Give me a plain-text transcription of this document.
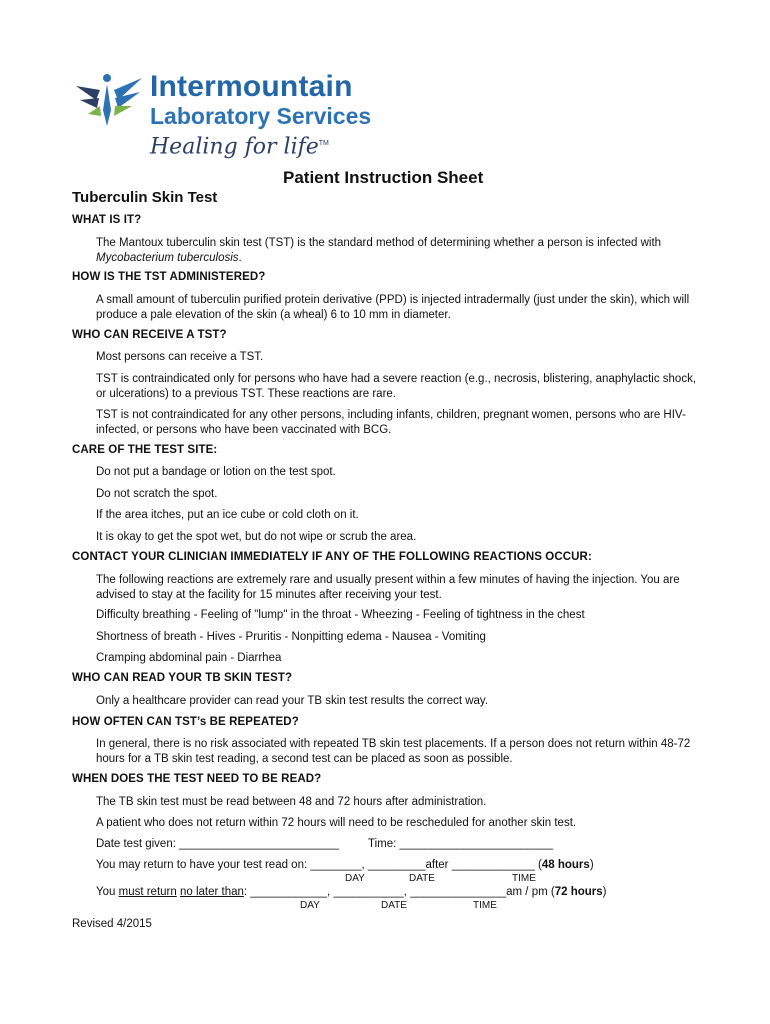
Intermountain
Laboratory Services
Healing for life™
Patient Instruction Sheet
Tuberculin Skin Test
WHAT IS IT?
The Mantoux tuberculin skin test (TST) is the standard method of determining whether a person is infected with Mycobacterium tuberculosis.
HOW IS THE TST ADMINISTERED?
A small amount of tuberculin purified protein derivative (PPD) is injected intradermally (just under the skin), which will produce a pale elevation of the skin (a wheal) 6 to 10 mm in diameter.
WHO CAN RECEIVE A TST?
Most persons can receive a TST.
TST is contraindicated only for persons who have had a severe reaction (e.g., necrosis, blistering, anaphylactic shock, or ulcerations) to a previous TST. These reactions are rare.
TST is not contraindicated for any other persons, including infants, children, pregnant women, persons who are HIV-infected, or persons who have been vaccinated with BCG.
CARE OF THE TEST SITE:
Do not put a bandage or lotion on the test spot.
Do not scratch the spot.
If the area itches, put an ice cube or cold cloth on it.
It is okay to get the spot wet, but do not wipe or scrub the area.
CONTACT YOUR CLINICIAN IMMEDIATELY IF ANY OF THE FOLLOWING REACTIONS OCCUR:
The following reactions are extremely rare and usually present within a few minutes of having the injection. You are advised to stay at the facility for 15 minutes after receiving your test.
Difficulty breathing - Feeling of "lump" in the throat - Wheezing - Feeling of tightness in the chest
Shortness of breath - Hives - Pruritis - Nonpitting edema - Nausea - Vomiting
Cramping abdominal pain - Diarrhea
WHO CAN READ YOUR TB SKIN TEST?
Only a healthcare provider can read your TB skin test results the correct way.
HOW OFTEN CAN TST’s BE REPEATED?
In general, there is no risk associated with repeated TB skin test placements. If a person does not return within 48-72 hours for a TB skin test reading, a second test can be placed as soon as possible.
WHEN DOES THE TEST NEED TO BE READ?
The TB skin test must be read between 48 and 72 hours after administration.
A patient who does not return within 72 hours will need to be rescheduled for another skin test.
Date test given: _________________________	Time: ________________________
You may return to have your test read on: ________, _________after _____________ (48 hours)
DAY	DATE	TIME
You must return no later than: ____________, ___________, _______________am / pm (72 hours)
DAY	DATE	TIME
Revised 4/2015
